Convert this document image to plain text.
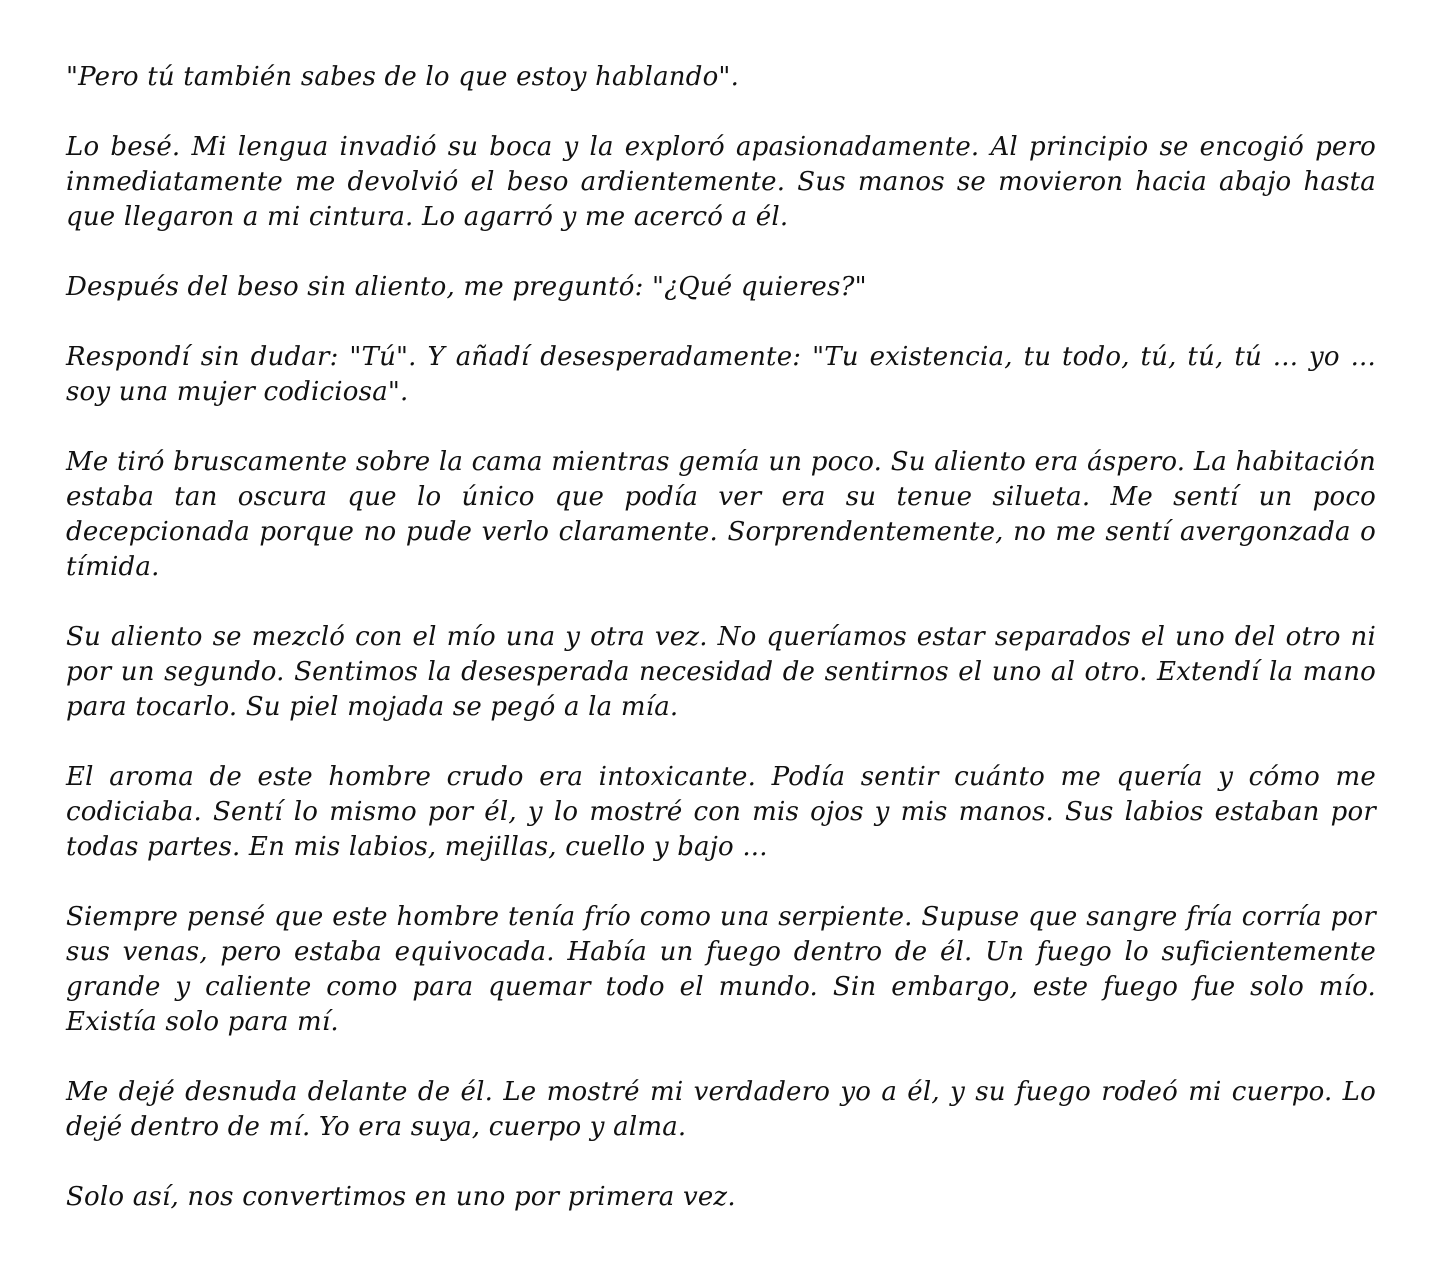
"Pero tú también sabes de lo que estoy hablando".

Lo besé. Mi lengua invadió su boca y la exploró apasionadamente. Al principio se encogió pero inmediatamente me devolvió el beso ardientemente. Sus manos se movieron hacia abajo hasta que llegaron a mi cintura. Lo agarró y me acercó a él.

Después del beso sin aliento, me preguntó: "¿Qué quieres?"

Respondí sin dudar: "Tú". Y añadí desesperadamente: "Tu existencia, tu todo, tú, tú, tú ... yo ... soy una mujer codiciosa".

Me tiró bruscamente sobre la cama mientras gemía un poco. Su aliento era áspero. La habitación estaba tan oscura que lo único que podía ver era su tenue silueta. Me sentí un poco decepcionada porque no pude verlo claramente. Sorprendentemente, no me sentí avergonzada o tímida.

Su aliento se mezcló con el mío una y otra vez. No queríamos estar separados el uno del otro ni por un segundo. Sentimos la desesperada necesidad de sentirnos el uno al otro. Extendí la mano para tocarlo. Su piel mojada se pegó a la mía.

El aroma de este hombre crudo era intoxicante. Podía sentir cuánto me quería y cómo me codiciaba. Sentí lo mismo por él, y lo mostré con mis ojos y mis manos. Sus labios estaban por todas partes. En mis labios, mejillas, cuello y bajo ...

Siempre pensé que este hombre tenía frío como una serpiente. Supuse que sangre fría corría por sus venas, pero estaba equivocada. Había un fuego dentro de él. Un fuego lo suficientemente grande y caliente como para quemar todo el mundo. Sin embargo, este fuego fue solo mío. Existía solo para mí.

Me dejé desnuda delante de él. Le mostré mi verdadero yo a él, y su fuego rodeó mi cuerpo. Lo dejé dentro de mí. Yo era suya, cuerpo y alma.

Solo así, nos convertimos en uno por primera vez.
